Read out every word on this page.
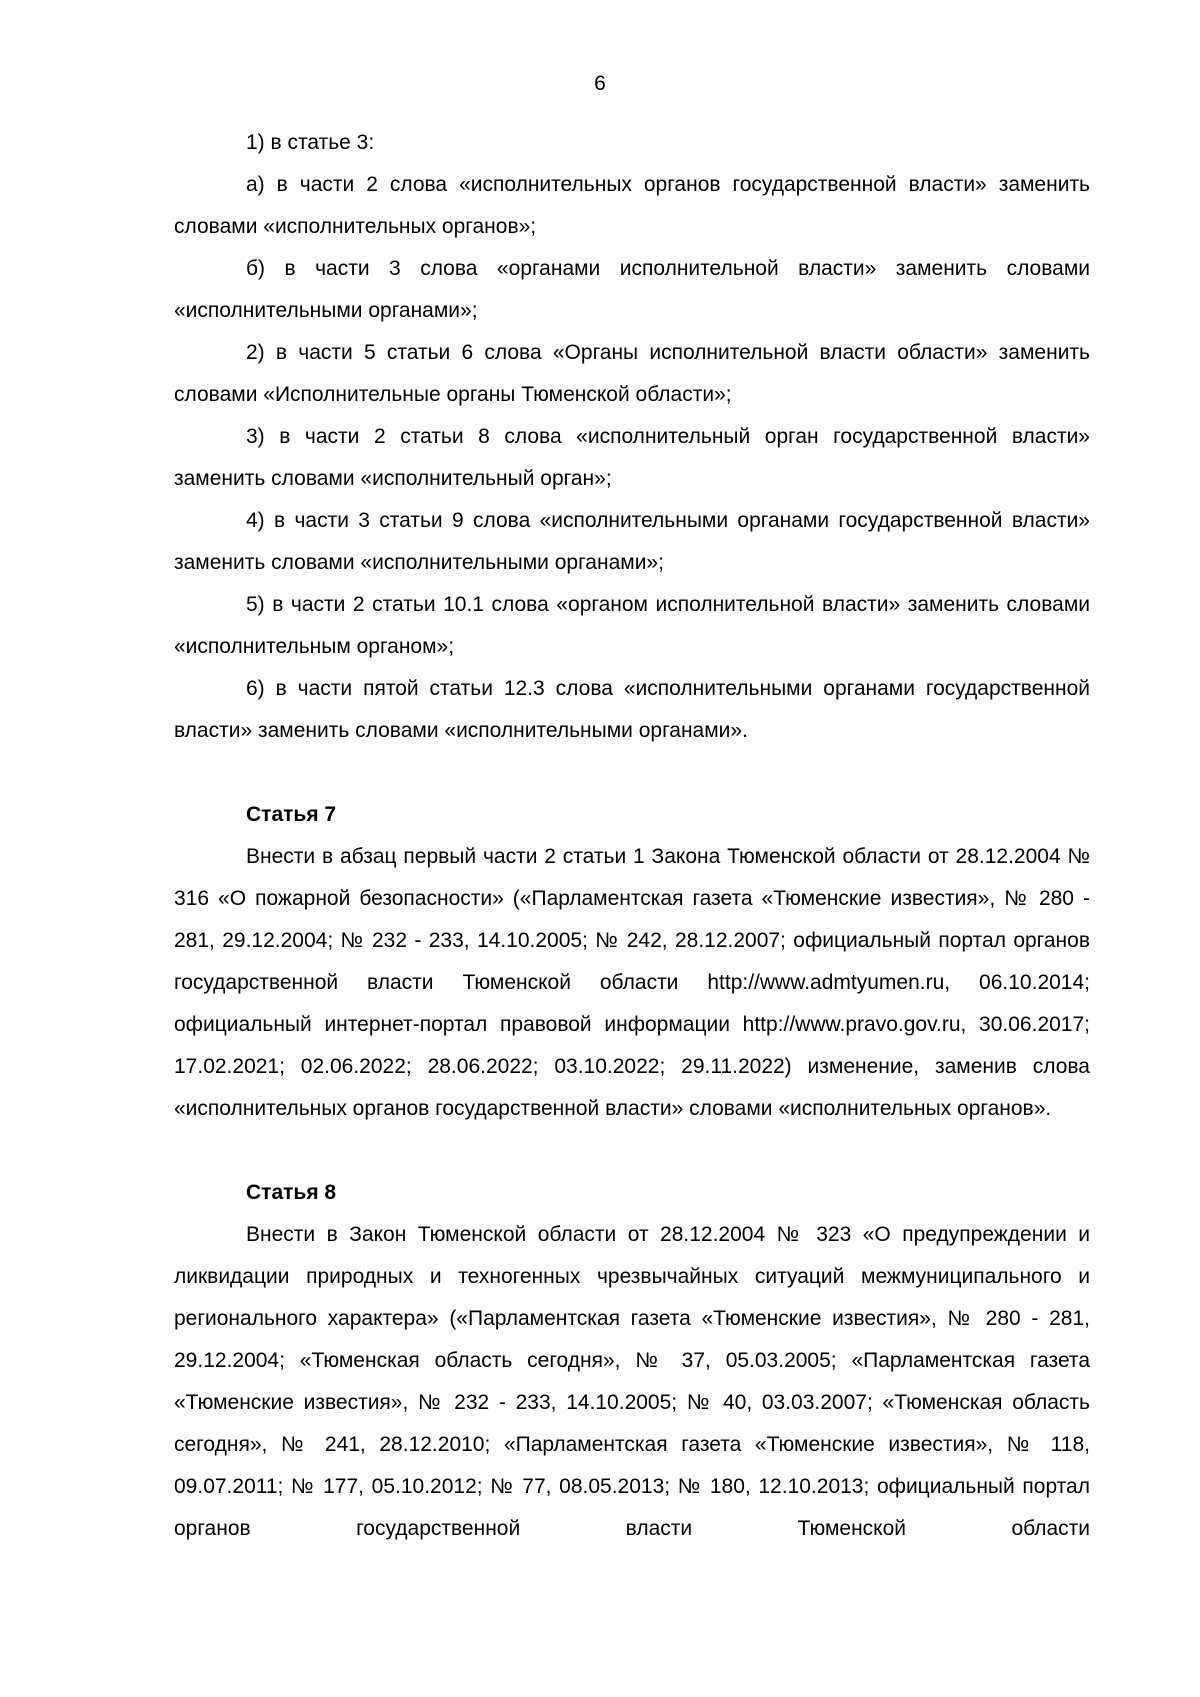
6

1) в статье 3:

а) в части 2 слова «исполнительных органов государственной власти» заменить словами «исполнительных органов»;

б) в части 3 слова «органами исполнительной власти» заменить словами «исполнительными органами»;

2) в части 5 статьи 6 слова «Органы исполнительной власти области» заменить словами «Исполнительные органы Тюменской области»;

3) в части 2 статьи 8 слова «исполнительный орган государственной власти» заменить словами «исполнительный орган»;

4) в части 3 статьи 9 слова «исполнительными органами государственной власти» заменить словами «исполнительными органами»;

5) в части 2 статьи 10.1 слова «органом исполнительной власти» заменить словами «исполнительным органом»;

6) в части пятой статьи 12.3 слова «исполнительными органами государственной власти» заменить словами «исполнительными органами».

Статья 7

Внести в абзац первый части 2 статьи 1 Закона Тюменской области от 28.12.2004 № 316 «О пожарной безопасности» («Парламентская газета «Тюменские известия», № 280 - 281, 29.12.2004; № 232 - 233, 14.10.2005; № 242, 28.12.2007; официальный портал органов государственной власти Тюменской области http://www.admtyumen.ru, 06.10.2014; официальный интернет-портал правовой информации http://www.pravo.gov.ru, 30.06.2017; 17.02.2021; 02.06.2022; 28.06.2022; 03.10.2022; 29.11.2022) изменение, заменив слова «исполнительных органов государственной власти» словами «исполнительных органов».

Статья 8

Внести в Закон Тюменской области от 28.12.2004 № 323 «О предупреждении и ликвидации природных и техногенных чрезвычайных ситуаций межмуниципального и регионального характера» («Парламентская газета «Тюменские известия», № 280 - 281, 29.12.2004; «Тюменская область сегодня», № 37, 05.03.2005; «Парламентская газета «Тюменские известия», № 232 - 233, 14.10.2005; № 40, 03.03.2007; «Тюменская область сегодня», № 241, 28.12.2010; «Парламентская газета «Тюменские известия», № 118, 09.07.2011; № 177, 05.10.2012; № 77, 08.05.2013; № 180, 12.10.2013; официальный портал органов государственной власти Тюменской области
